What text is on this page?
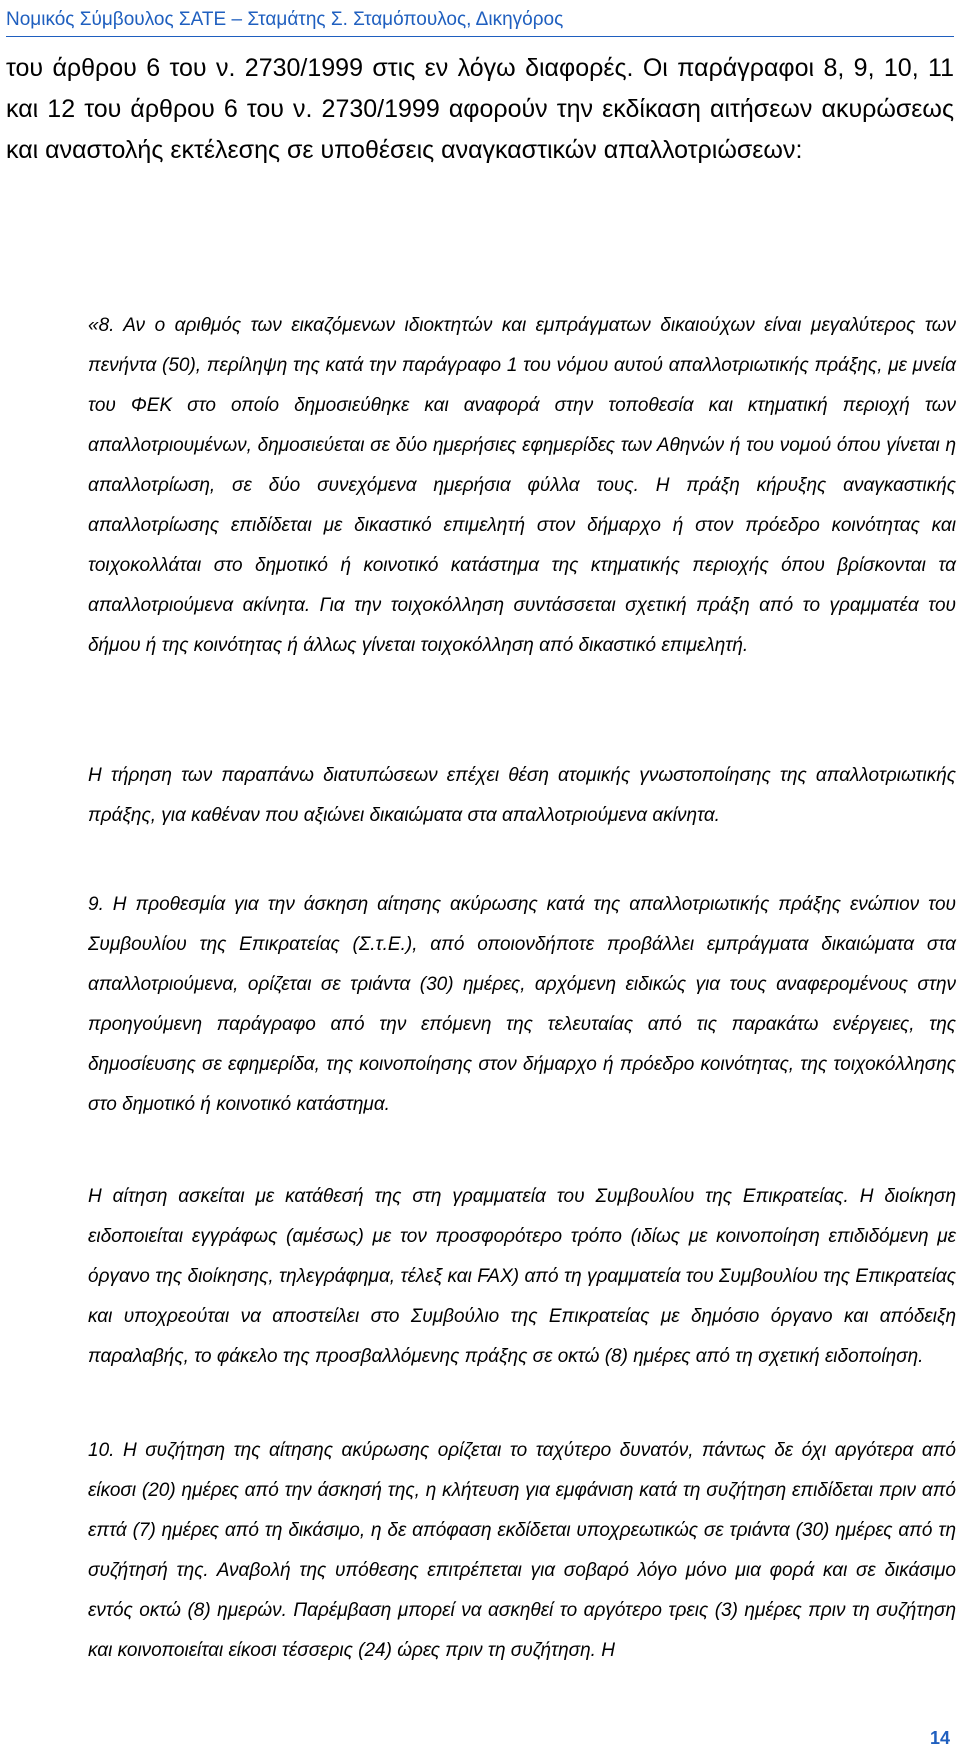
Νομικός Σύμβουλος ΣΑΤΕ – Σταμάτης Σ. Σταμόπουλος, Δικηγόρος

του άρθρου 6 του ν. 2730/1999 στις εν λόγω διαφορές. Οι παράγραφοι 8, 9, 10, 11 και 12 του άρθρου 6 του ν. 2730/1999 αφορούν την εκδίκαση αιτήσεων ακυρώσεως και αναστολής εκτέλεσης σε υποθέσεις αναγκαστικών απαλλοτριώσεων:

«8. Αν ο αριθμός των εικαζόμενων ιδιοκτητών και εμπράγματων δικαιούχων είναι μεγαλύτερος των πενήντα (50), περίληψη της κατά την παράγραφο 1 του νόμου αυτού απαλλοτριωτικής πράξης, με μνεία του ΦΕΚ στο οποίο δημοσιεύθηκε και αναφορά στην τοποθεσία και κτηματική περιοχή των απαλλοτριουμένων, δημοσιεύεται σε δύο ημερήσιες εφημερίδες των Αθηνών ή του νομού όπου γίνεται η απαλλοτρίωση, σε δύο συνεχόμενα ημερήσια φύλλα τους. Η πράξη κήρυξης αναγκαστικής απαλλοτρίωσης επιδίδεται με δικαστικό επιμελητή στον δήμαρχο ή στον πρόεδρο κοινότητας και τοιχοκολλάται στο δημοτικό ή κοινοτικό κατάστημα της κτηματικής περιοχής όπου βρίσκονται τα απαλλοτριούμενα ακίνητα. Για την τοιχοκόλληση συντάσσεται σχετική πράξη από το γραμματέα του δήμου ή της κοινότητας ή άλλως γίνεται τοιχοκόλληση από δικαστικό επιμελητή.

Η τήρηση των παραπάνω διατυπώσεων επέχει θέση ατομικής γνωστοποίησης της απαλλοτριωτικής πράξης, για καθέναν που αξιώνει δικαιώματα στα απαλλοτριούμενα ακίνητα.

9. Η προθεσμία για την άσκηση αίτησης ακύρωσης κατά της απαλλοτριωτικής πράξης ενώπιον του Συμβουλίου της Επικρατείας (Σ.τ.Ε.), από οποιονδήποτε προβάλλει εμπράγματα δικαιώματα στα απαλλοτριούμενα, ορίζεται σε τριάντα (30) ημέρες, αρχόμενη ειδικώς για τους αναφερομένους στην προηγούμενη παράγραφο από την επόμενη της τελευταίας από τις παρακάτω ενέργειες, της δημοσίευσης σε εφημερίδα, της κοινοποίησης στον δήμαρχο ή πρόεδρο κοινότητας, της τοιχοκόλλησης στο δημοτικό ή κοινοτικό κατάστημα.

Η αίτηση ασκείται με κατάθεσή της στη γραμματεία του Συμβουλίου της Επικρατείας. Η διοίκηση ειδοποιείται εγγράφως (αμέσως) με τον προσφορότερο τρόπο (ιδίως με κοινοποίηση επιδιδόμενη με όργανο της διοίκησης, τηλεγράφημα, τέλεξ και FAX) από τη γραμματεία του Συμβουλίου της Επικρατείας και υποχρεούται να αποστείλει στο Συμβούλιο της Επικρατείας με δημόσιο όργανο και απόδειξη παραλαβής, το φάκελο της προσβαλλόμενης πράξης σε οκτώ (8) ημέρες από τη σχετική ειδοποίηση.

10. Η συζήτηση της αίτησης ακύρωσης ορίζεται το ταχύτερο δυνατόν, πάντως δε όχι αργότερα από είκοσι (20) ημέρες από την άσκησή της, η κλήτευση για εμφάνιση κατά τη συζήτηση επιδίδεται πριν από επτά (7) ημέρες από τη δικάσιμο, η δε απόφαση εκδίδεται υποχρεωτικώς σε τριάντα (30) ημέρες από τη συζήτησή της. Αναβολή της υπόθεσης επιτρέπεται για σοβαρό λόγο μόνο μια φορά και σε δικάσιμο εντός οκτώ (8) ημερών. Παρέμβαση μπορεί να ασκηθεί το αργότερο τρεις (3) ημέρες πριν τη συζήτηση και κοινοποιείται είκοσι τέσσερις (24) ώρες πριν τη συζήτηση. Η

14
